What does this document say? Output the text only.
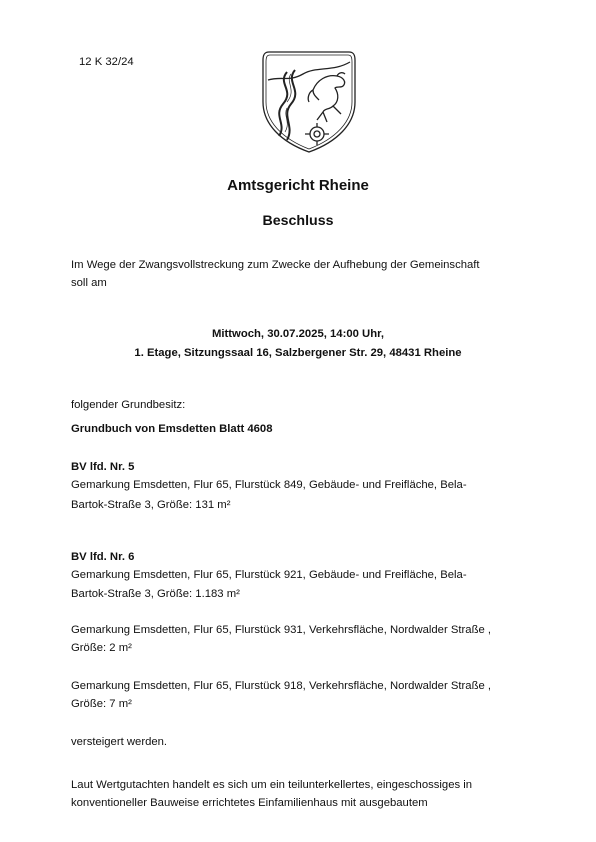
12 K 32/24
Amtsgericht Rheine
Beschluss
Im Wege der Zwangsvollstreckung zum Zwecke der Aufhebung der Gemeinschaft
soll am
Mittwoch, 30.07.2025, 14:00 Uhr,
1. Etage, Sitzungssaal 16, Salzbergener Str. 29, 48431 Rheine
folgender Grundbesitz:
Grundbuch von Emsdetten Blatt 4608
BV lfd. Nr. 5
Gemarkung Emsdetten, Flur 65, Flurstück 849, Gebäude- und Freifläche, Bela-
Bartok-Straße 3, Größe: 131 m²
BV lfd. Nr. 6
Gemarkung Emsdetten, Flur 65, Flurstück 921, Gebäude- und Freifläche, Bela-
Bartok-Straße 3, Größe: 1.183 m²
Gemarkung Emsdetten, Flur 65, Flurstück 931, Verkehrsfläche, Nordwalder Straße ,
Größe: 2 m²
Gemarkung Emsdetten, Flur 65, Flurstück 918, Verkehrsfläche, Nordwalder Straße ,
Größe: 7 m²
versteigert werden.
Laut Wertgutachten handelt es sich um ein teilunterkellertes, eingeschossiges in
konventioneller Bauweise errichtetes Einfamilienhaus mit ausgebautem
